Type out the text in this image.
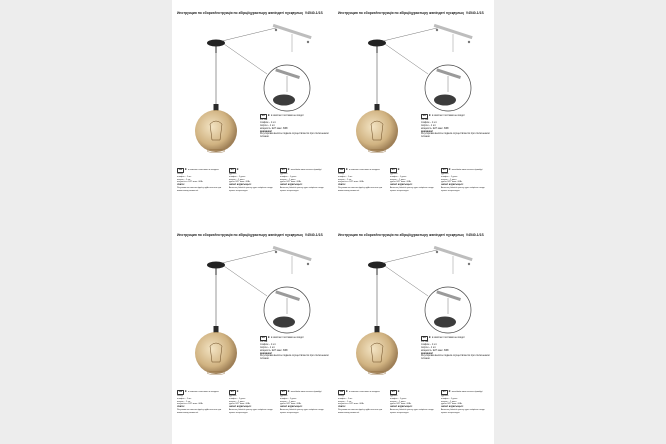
Инструкция по сборке/інструкція по збірці/құрастыру жөніндегі нұсқаулық V4540-1/1S
RU ✱в комплект поставки не входит
состав:
плафон – 1 шт.
патрон – 1 шт.
мощность: Е27 макс. 60Вт
внимание!
Регулировка высоты подвеса осуществляется при отключенном питании.
UA ✱в комплект поставки не входить
склад:
плафон – 1 шт.
патрон – 1 шт.
потужність: Е27 макс. 60Вт
УВАГА!
Регулювання висоти підвісу здійснюється при вимкненому живленні.
KZ ✱
құрамы:
плафон – 1 дана
патрон – 1 дана
қуаты: Е27 макс. 60Вт
НАЗАР АУДАРЫҢЫЗ!
Аспаның биіктігін реттеу қуат өшірілген кезде жүзеге асырылады.
KZ ✱жеткізілім жиынтығына кірмейді
құрамы:
плафон – 1 дана
патрон – 1 дана
қуаты: Е27 макс. 60Вт
НАЗАР АУДАРЫҢЫЗ!
Аспаның биіктігін реттеу қуат өшірілген кезде жүзеге асырылады.
Инструкция по сборке/інструкція по збірці/құрастыру жөніндегі нұсқаулық V4540-1/1S
RU ✱в комплект поставки не входит
состав:
плафон – 1 шт.
патрон – 1 шт.
мощность: Е27 макс. 60Вт
внимание!
Регулировка высоты подвеса осуществляется при отключенном питании.
UA ✱в комплект поставки не входить
склад:
плафон – 1 шт.
патрон – 1 шт.
потужність: Е27 макс. 60Вт
УВАГА!
Регулювання висоти підвісу здійснюється при вимкненому живленні.
KZ ✱
құрамы:
плафон – 1 дана
патрон – 1 дана
қуаты: Е27 макс. 60Вт
НАЗАР АУДАРЫҢЫЗ!
Аспаның биіктігін реттеу қуат өшірілген кезде жүзеге асырылады.
KZ ✱жеткізілім жиынтығына кірмейді
құрамы:
плафон – 1 дана
патрон – 1 дана
қуаты: Е27 макс. 60Вт
НАЗАР АУДАРЫҢЫЗ!
Аспаның биіктігін реттеу қуат өшірілген кезде жүзеге асырылады.
Инструкция по сборке/інструкція по збірці/құрастыру жөніндегі нұсқаулық V4540-1/1S
RU ✱в комплект поставки не входит
состав:
плафон – 1 шт.
патрон – 1 шт.
мощность: Е27 макс. 60Вт
внимание!
Регулировка высоты подвеса осуществляется при отключенном питании.
UA ✱в комплект поставки не входить
склад:
плафон – 1 шт.
патрон – 1 шт.
потужність: Е27 макс. 60Вт
УВАГА!
Регулювання висоти підвісу здійснюється при вимкненому живленні.
KZ ✱
құрамы:
плафон – 1 дана
патрон – 1 дана
қуаты: Е27 макс. 60Вт
НАЗАР АУДАРЫҢЫЗ!
Аспаның биіктігін реттеу қуат өшірілген кезде жүзеге асырылады.
KZ ✱жеткізілім жиынтығына кірмейді
құрамы:
плафон – 1 дана
патрон – 1 дана
қуаты: Е27 макс. 60Вт
НАЗАР АУДАРЫҢЫЗ!
Аспаның биіктігін реттеу қуат өшірілген кезде жүзеге асырылады.
Инструкция по сборке/інструкція по збірці/құрастыру жөніндегі нұсқаулық V4540-1/1S
RU ✱в комплект поставки не входит
состав:
плафон – 1 шт.
патрон – 1 шт.
мощность: Е27 макс. 60Вт
внимание!
Регулировка высоты подвеса осуществляется при отключенном питании.
UA ✱в комплект поставки не входить
склад:
плафон – 1 шт.
патрон – 1 шт.
потужність: Е27 макс. 60Вт
УВАГА!
Регулювання висоти підвісу здійснюється при вимкненому живленні.
KZ ✱
құрамы:
плафон – 1 дана
патрон – 1 дана
қуаты: Е27 макс. 60Вт
НАЗАР АУДАРЫҢЫЗ!
Аспаның биіктігін реттеу қуат өшірілген кезде жүзеге асырылады.
KZ ✱жеткізілім жиынтығына кірмейді
құрамы:
плафон – 1 дана
патрон – 1 дана
қуаты: Е27 макс. 60Вт
НАЗАР АУДАРЫҢЫЗ!
Аспаның биіктігін реттеу қуат өшірілген кезде жүзеге асырылады.
